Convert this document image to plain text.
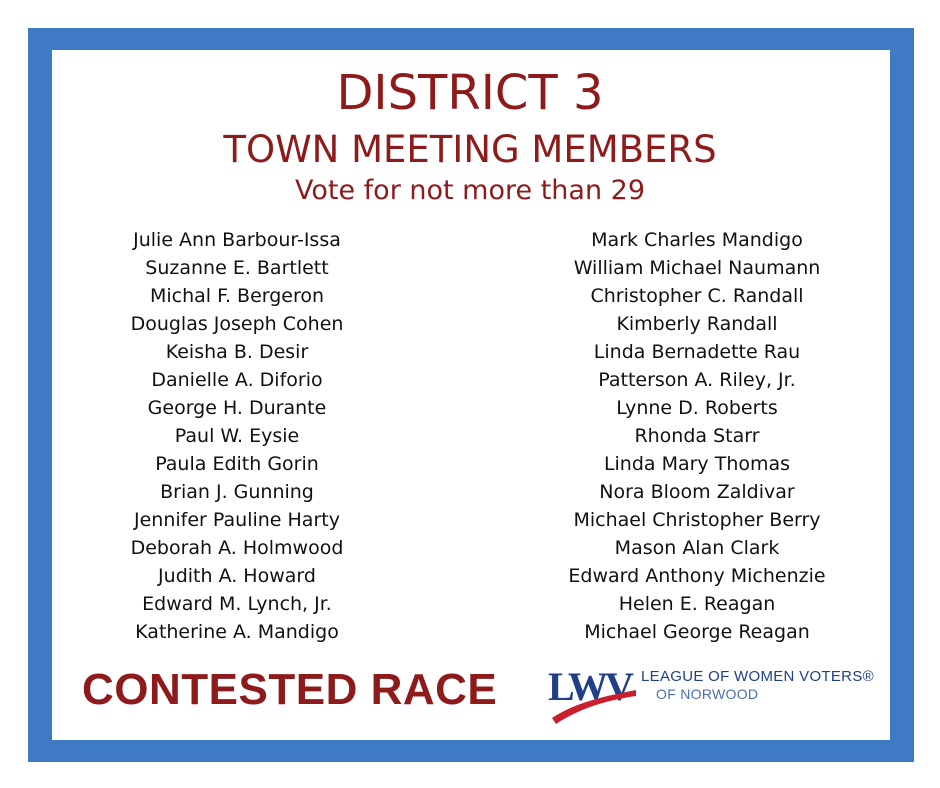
DISTRICT 3
TOWN MEETING MEMBERS
Vote for not more than 29
Julie Ann Barbour-Issa
Suzanne E. Bartlett
Michal F. Bergeron
Douglas Joseph Cohen
Keisha B. Desir
Danielle A. Diforio
George H. Durante
Paul W. Eysie
Paula Edith Gorin
Brian J. Gunning
Jennifer Pauline Harty
Deborah A. Holmwood
Judith A. Howard
Edward M. Lynch, Jr.
Katherine A. Mandigo
Mark Charles Mandigo
William Michael Naumann
Christopher C. Randall
Kimberly Randall
Linda Bernadette Rau
Patterson A. Riley, Jr.
Lynne D. Roberts
Rhonda Starr
Linda Mary Thomas
Nora Bloom Zaldivar
Michael Christopher Berry
Mason Alan Clark
Edward Anthony Michenzie
Helen E. Reagan
Michael George Reagan
CONTESTED RACE LWV LEAGUE OF WOMEN VOTERS®
OF NORWOOD
